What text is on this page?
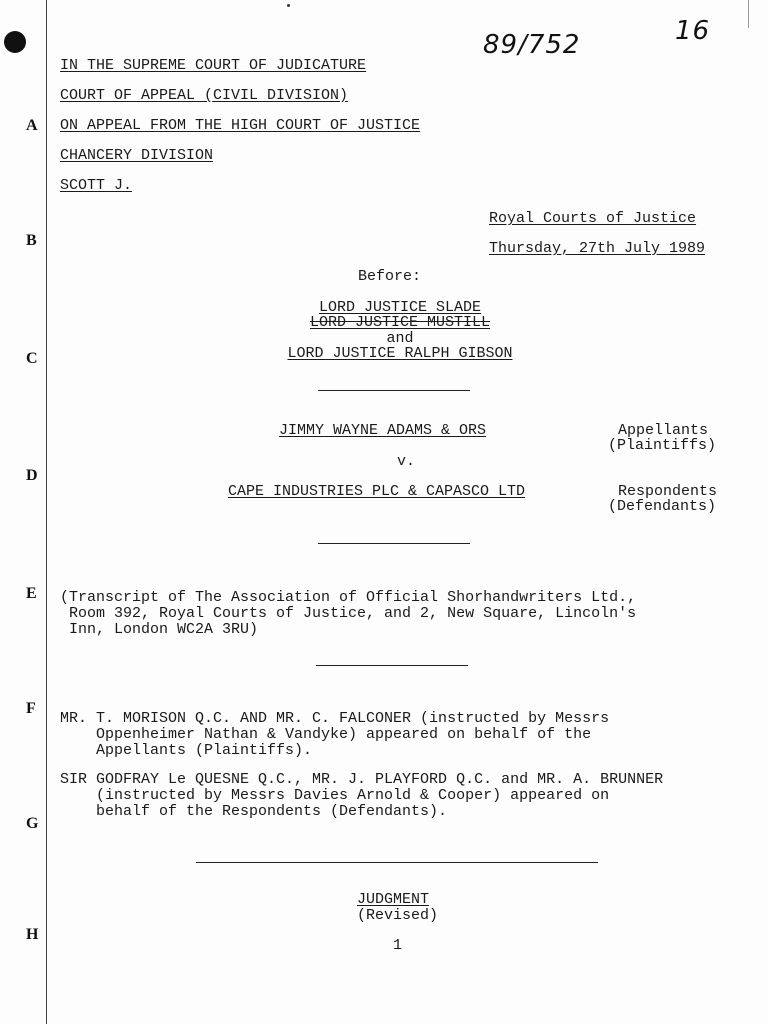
A
B
C
D
E
F
G
H
89/752	16
IN THE SUPREME COURT OF JUDICATURE
COURT OF APPEAL (CIVIL DIVISION)
ON APPEAL FROM THE HIGH COURT OF JUSTICE
CHANCERY DIVISION
SCOTT J.
Royal Courts of Justice
Thursday, 27th July 1989
Before:
LORD JUSTICE SLADE
LORD JUSTICE MUSTILL
and
LORD JUSTICE RALPH GIBSON
JIMMY WAYNE ADAMS & ORS	Appellants
(Plaintiffs)
v.
CAPE INDUSTRIES PLC & CAPASCO LTD	Respondents
(Defendants)
(Transcript of The Association of Official Shorhandwriters Ltd.,
Room 392, Royal Courts of Justice, and 2, New Square, Lincoln's
Inn, London WC2A 3RU)
MR. T. MORISON Q.C. AND MR. C. FALCONER (instructed by Messrs
Oppenheimer Nathan & Vandyke) appeared on behalf of the
Appellants (Plaintiffs).
SIR GODFRAY Le QUESNE Q.C., MR. J. PLAYFORD Q.C. and MR. A. BRUNNER
(instructed by Messrs Davies Arnold & Cooper) appeared on
behalf of the Respondents (Defendants).
JUDGMENT
(Revised)
1
